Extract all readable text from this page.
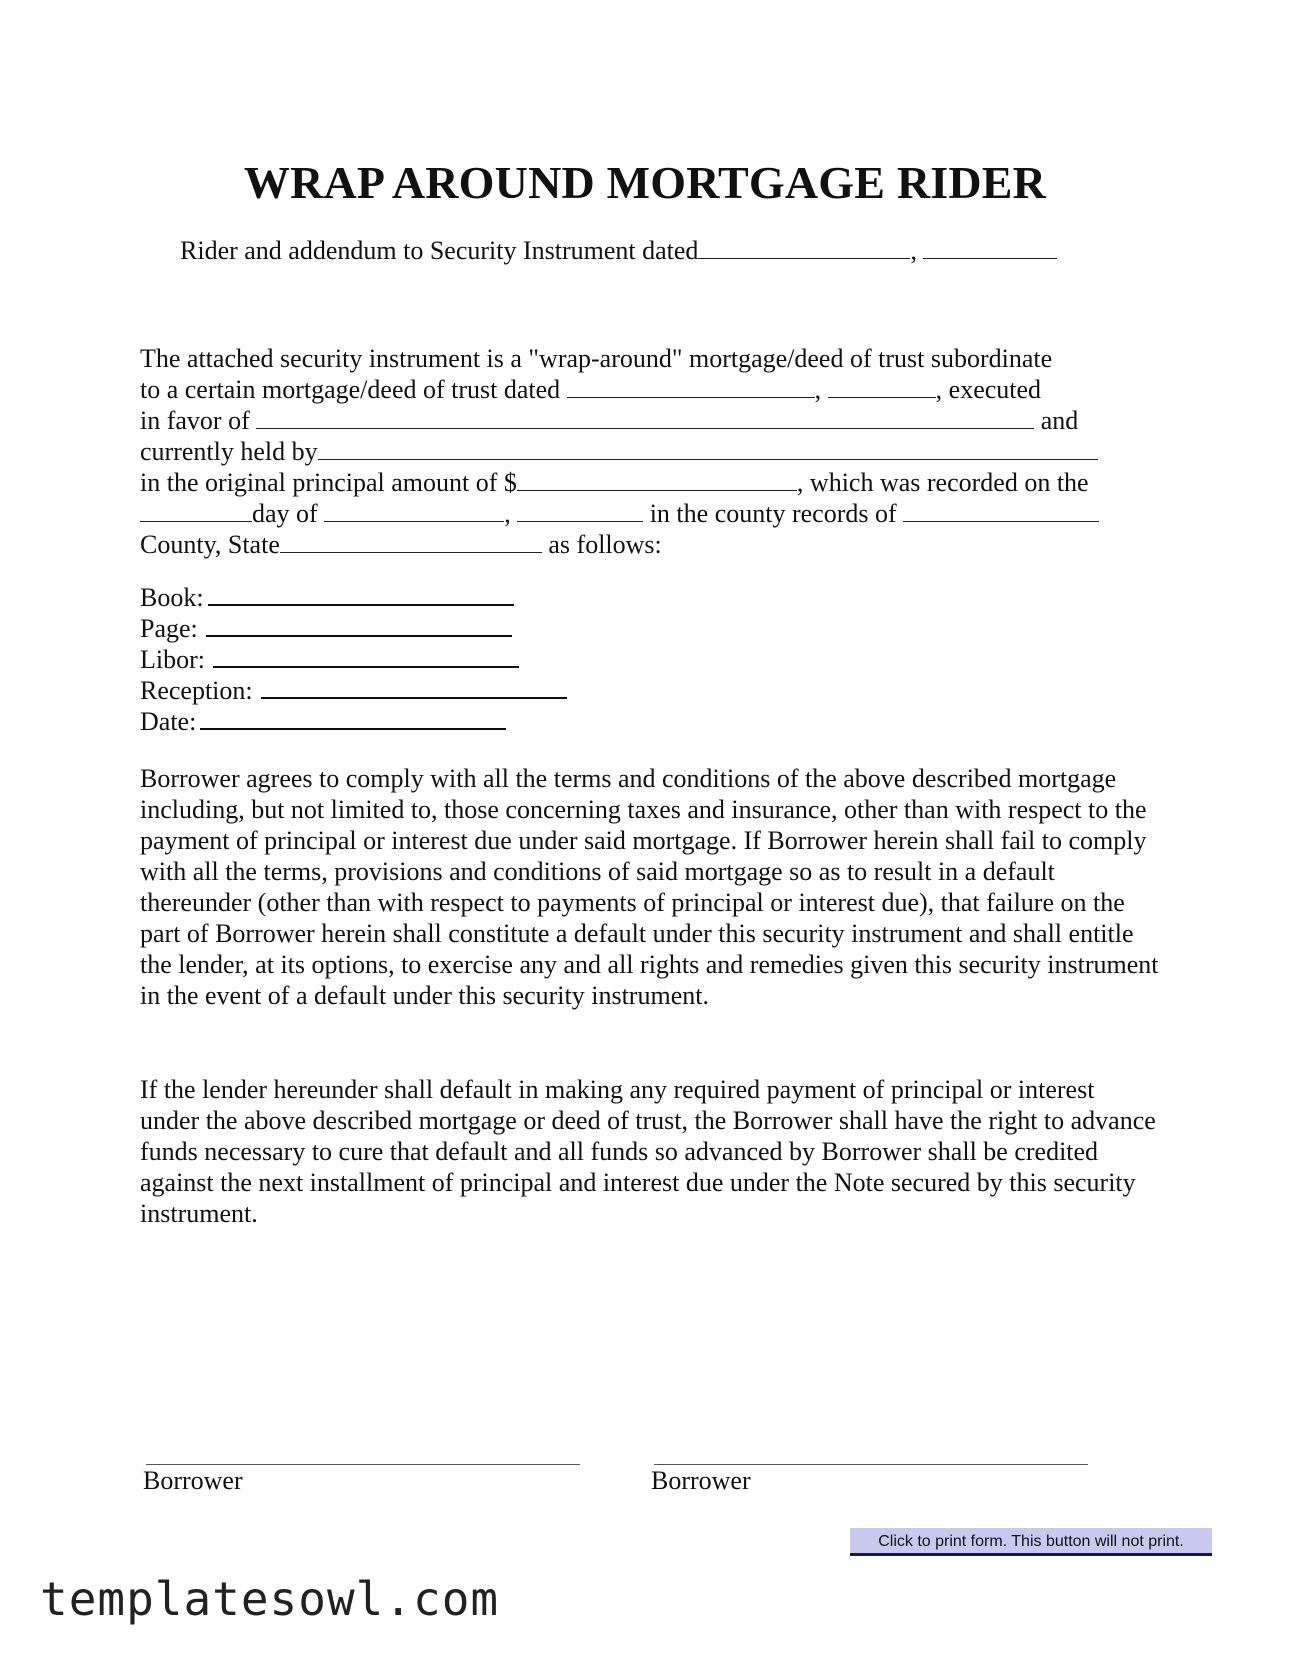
WRAP AROUND MORTGAGE RIDER
Rider and addendum to Security Instrument dated	,
The attached security instrument is a "wrap-around" mortgage/deed of trust subordinate
to a certain mortgage/deed of trust dated	,	, executed
in favor of	and
currently held by
in the original principal amount of $	, which was recorded on the
day of	,	in the county records of
County, State	as follows:
Book:
Page:
Libor:
Reception:
Date:

Borrower agrees to comply with all the terms and conditions of the above described mortgage including, but not limited to, those concerning taxes and insurance, other than with respect to the payment of principal or interest due under said mortgage. If Borrower herein shall fail to comply with all the terms, provisions and conditions of said mortgage so as to result in a default thereunder (other than with respect to payments of principal or interest due), that failure on the part of Borrower herein shall constitute a default under this security instrument and shall entitle the lender, at its options, to exercise any and all rights and remedies given this security instrument in the event of a default under this security instrument.

If the lender hereunder shall default in making any required payment of principal or interest under the above described mortgage or deed of trust, the Borrower shall have the right to advance funds necessary to cure that default and all funds so advanced by Borrower shall be credited against the next installment of principal and interest due under the Note secured by this security instrument.

Borrower	Borrower
Click to print form. This button will not print.
templatesowl.com
